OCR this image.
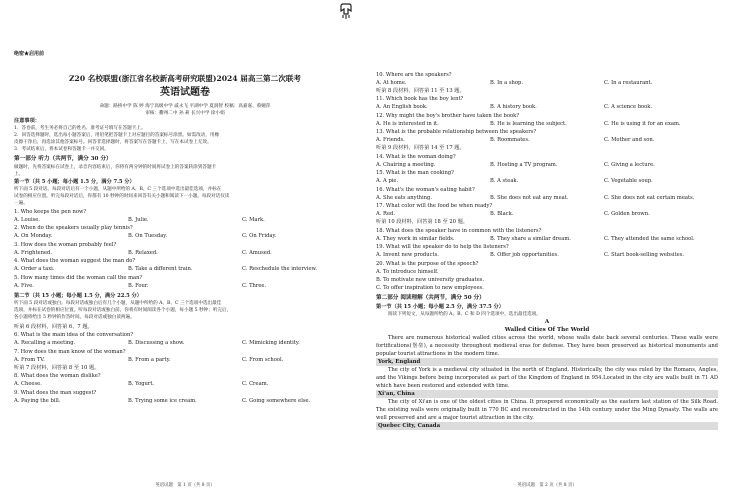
绝密★启用前
Z20 名校联盟(浙江省名校新高考研究联盟)2024 届高三第二次联考
英语试题卷
命题：路桥中学 陈 婷 海宁高级中学 戚永飞 平湖中学 夏润智 校稿：高嘉嘉、蔡婉萍
审核：衢州二中 孙 莉 长兴中学 徐小娟
注意事项：
1．答卷前，考生务必将自己的姓名、准考证号填写在答题卡上。
2．回答选择题时，选出每小题答案后，用铅笔把答题卡上对应题目的答案标号涂黑。如需改动，用橡
皮擦干净后，再选涂其他答案标号。回答非选择题时，将答案写在答题卡上，写在本试卷上无效。
3．考试结束后，将本试卷和答题卡一并交回。
第一部分 听力（共两节，满分 30 分）
做题时，先将答案标在试卷上，录音内容结束后，你将有两分钟的时间将试卷上的答案转涂到答题卡
上。
第一节（共 5 小题；每小题 1.5 分，满分 7.5 分）
听下面 5 段对话。每段对话后有一个小题，从题中所给的 A、B、C 三个选项中选出最佳选项，并标在
试卷的相应位置。听完每段对话后，你都有 10 秒钟的时间来回答有关小题和阅读下一小题。每段对话仅读
一遍。
1. Who keeps the pen now?
A. Louise.	B. Julie.	C. Mark.
2. When do the speakers usually play tennis?
A. On Monday.	B. On Tuesday.	C. On Friday.
3. How does the woman probably feel?
A. Frightened.	B. Relaxed.	C. Amused.
4. What does the woman suggest the man do?
A. Order a taxi.	B. Take a different train.	C. Reschedule the interview.
5. How many times did the woman call the man?
A. Five.	B. Four.	C. Three.
第二节（共 15 小题；每小题 1.5 分，满分 22.5 分）
听下面 5 段对话或独白。每段对话或独白后有几个小题，从题中所给的 A、B、C 三个选项中选出最佳
选项，并标在试卷的相应位置。听每段对话或独白前，你将有时间阅读各个小题，每小题 5 秒钟；听完后，
各小题将给出 5 秒钟的作答时间。每段对话或独白读两遍。
听第 6 段材料，回答第 6、7 题。
6. What is the main idea of the conversation?
A. Recalling a meeting.	B. Discussing a show.	C. Mimicking identity.
7. How does the man know of the woman?
A. From TV.	B. From a party.	C. From school.
听第 7 段材料，回答第 8 至 10 题。
8. What does the woman dislike?
A. Cheese.	B. Yogurt.	C. Cream.
9. What does the man suggest?
A. Paying the bill.	B. Trying some ice cream.	C. Going somewhere else.
英语试题　第 1 页（共 8 页）
10. Where are the speakers?
A. At home.	B. In a shop.	C. In a restaurant.
听第 8 段材料，回答第 11 至 13 题。
11. Which book has the boy lent?
A. An English book.	B. A history book.	C. A science book.
12. Why might the boy's brother have taken the book?
A. He is interested in it.	B. He is learning the subject.	C. He is using it for an exam.
13. What is the probable relationship between the speakers?
A. Friends.	B. Roommates.	C. Mother and son.
听第 9 段材料，回答第 14 至 17 题。
14. What is the woman doing?
A. Chairing a meeting.	B. Hosting a TV program.	C. Giving a lecture.
15. What is the man cooking?
A. A pie.	B. A steak.	C. Vegetable soup.
16. What's the woman's eating habit?
A. She eats anything.	B. She does not eat any meat.	C. She does not eat certain meats.
17. What color will the food be when ready?
A. Red.	B. Black.	C. Golden brown.
听第 10 段材料，回答第 18 至 20 题。
18. What does the speaker have in common with the listeners?
A. They work in similar fields.	B. They share a similar dream.	C. They attended the same school.
19. What will the speaker do to help the listeners?
A. Invent new products.	B. Offer job opportunities.	C. Start book-selling websites.
20. What is the purpose of the speech?
A. To introduce himself.
B. To motivate new university graduates.
C. To offer inspiration to new employees.
第二部分 阅读理解（共两节，满分 50 分）
第一节（共 15 小题；每小题 2.5 分，满分 37.5 分）
阅读下列短文，从每题所给的 A、B、C 和 D 四个选项中，选出最佳选项。
A
Walled Cities Of The World
There are numerous historical walled cities across the world, whose walls date back several centuries. These walls were fortifications(堡垒), a necessity throughout medieval eras for defense. They have been preserved as historical monuments and popular tourist attractions in the modern time.
York, England
The city of York is a medieval city situated in the north of England. Historically, the city was ruled by the Romans, Angles, and the Vikings before being incorporated as part of the Kingdom of England in 954.Located in the city are walls built in 71 AD which have been restored and extended with time.
Xi'an, China
The city of Xi'an is one of the oldest cities in China. It prospered economically as the eastern last station of the Silk Road. The existing walls were originally built in 770 BC and reconstructed in the 14th century under the Ming Dynasty. The walls are well preserved and are a major tourist attraction in the city.
Quebec City, Canada
英语试题　第 2 页（共 8 页）
